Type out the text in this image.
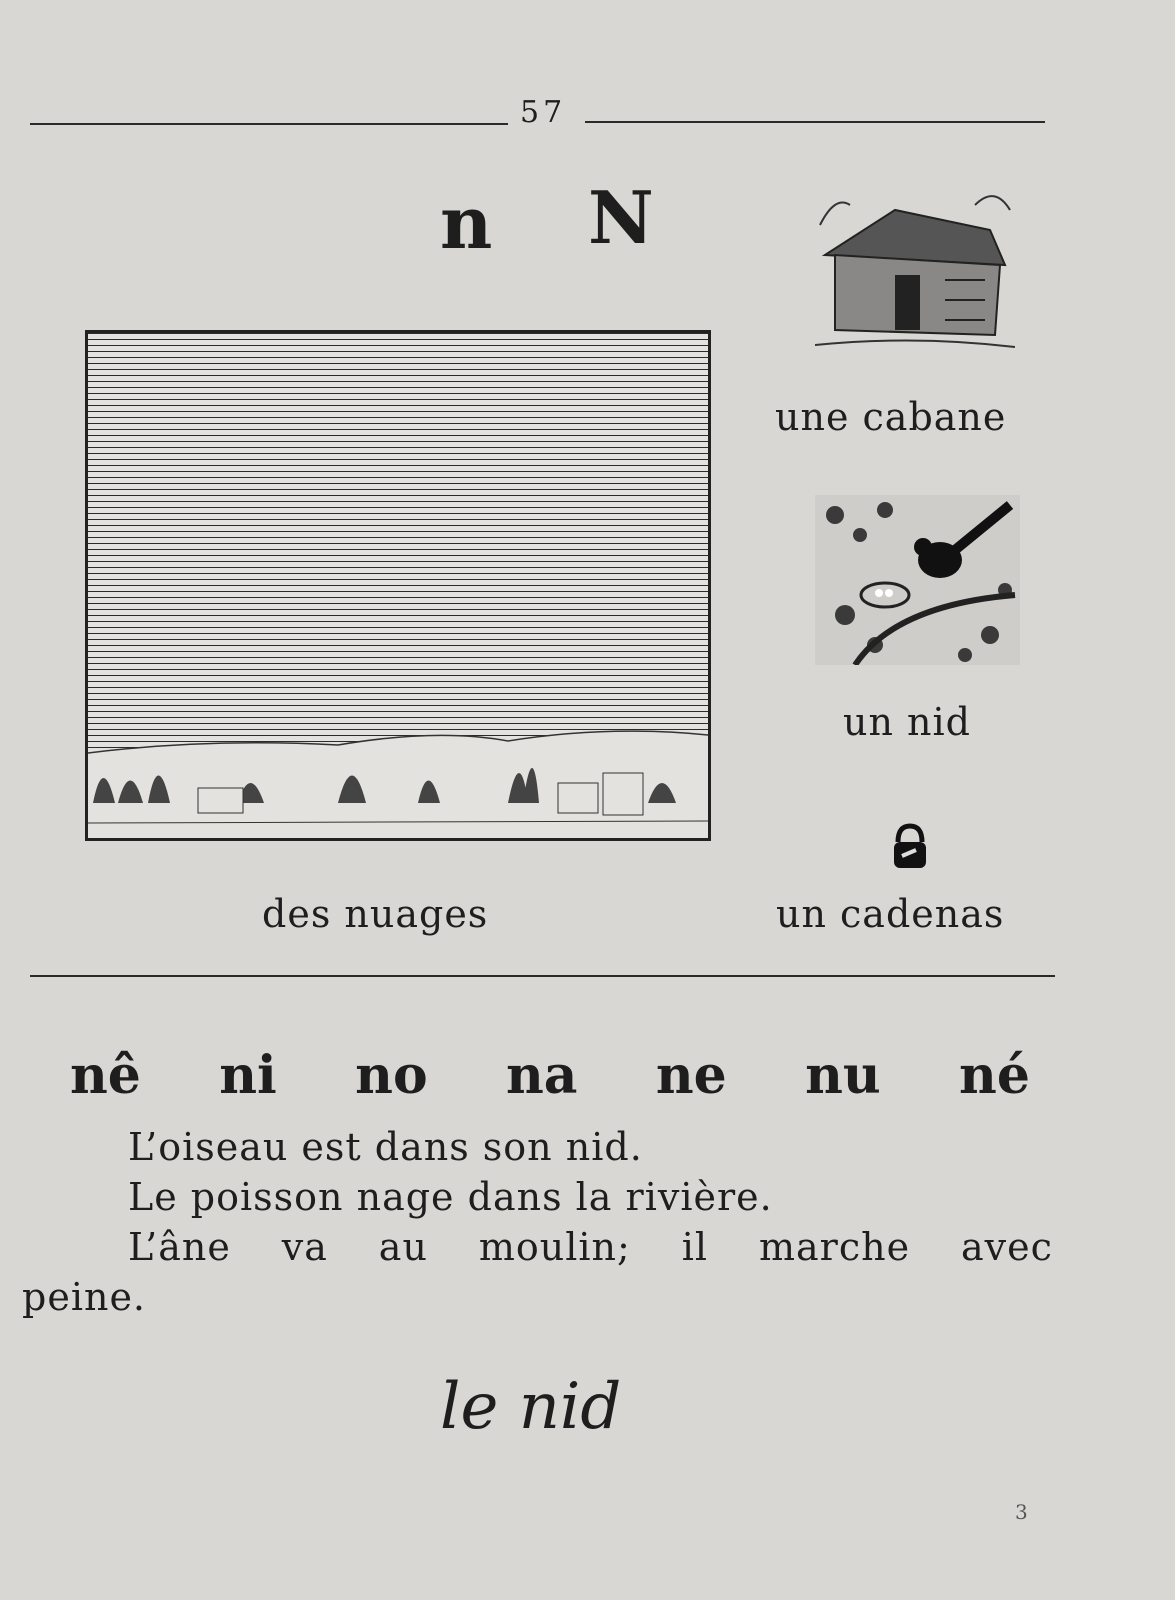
57
n N
des nuages
une cabane
un nid
un cadenas
nê ni no na ne nu né
L’oiseau est dans son nid.
Le poisson nage dans la rivière.
L’âne va au moulin; il marche avec
peine.
le nid
3
